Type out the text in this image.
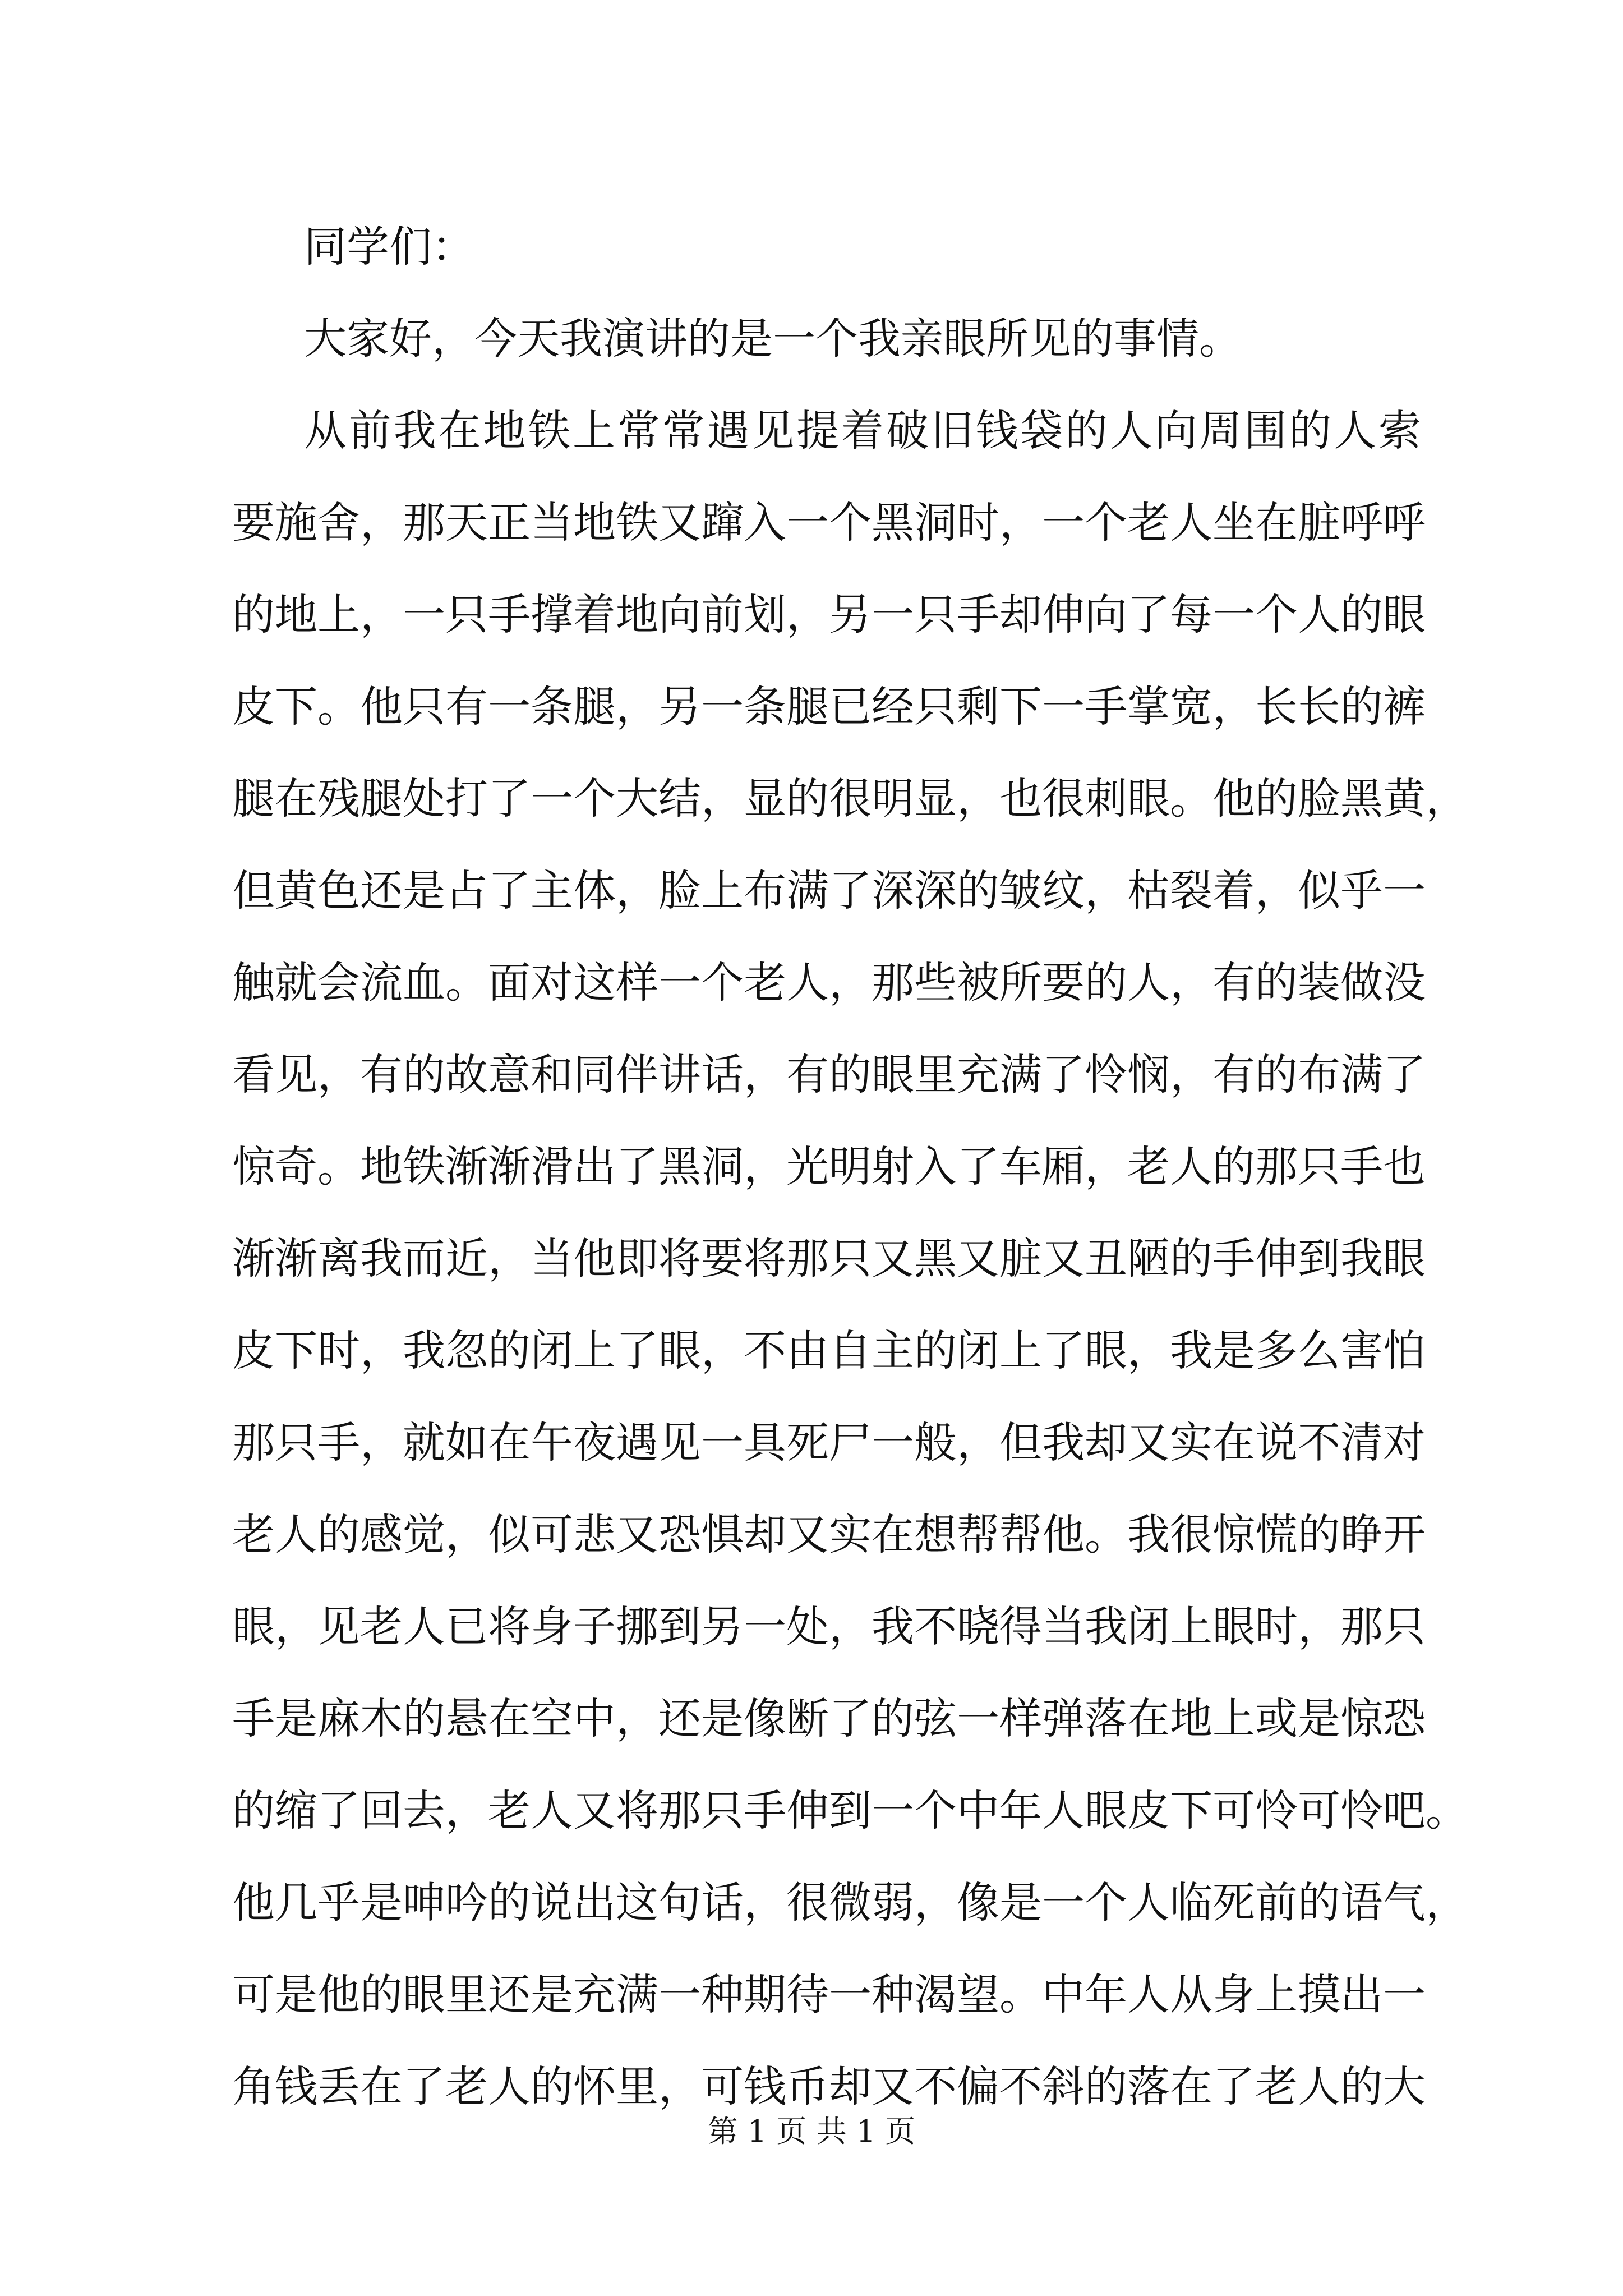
同学们：
大家好，今天我演讲的是一个我亲眼所见的事情。
从前我在地铁上常常遇见提着破旧钱袋的人向周围的人索
要施舍，那天正当地铁又蹿入一个黑洞时，一个老人坐在脏呼呼
的地上，一只手撑着地向前划，另一只手却伸向了每一个人的眼
皮下。他只有一条腿，另一条腿已经只剩下一手掌宽，长长的裤
腿在残腿处打了一个大结，显的很明显，也很刺眼。他的脸黑黄，
但黄色还是占了主体，脸上布满了深深的皱纹，枯裂着，似乎一
触就会流血。面对这样一个老人，那些被所要的人，有的装做没
看见，有的故意和同伴讲话，有的眼里充满了怜悯，有的布满了
惊奇。地铁渐渐滑出了黑洞，光明射入了车厢，老人的那只手也
渐渐离我而近，当他即将要将那只又黑又脏又丑陋的手伸到我眼
皮下时，我忽的闭上了眼，不由自主的闭上了眼，我是多么害怕
那只手，就如在午夜遇见一具死尸一般，但我却又实在说不清对
老人的感觉，似可悲又恐惧却又实在想帮帮他。我很惊慌的睁开
眼，见老人已将身子挪到另一处，我不晓得当我闭上眼时，那只
手是麻木的悬在空中，还是像断了的弦一样弹落在地上或是惊恐
的缩了回去，老人又将那只手伸到一个中年人眼皮下可怜可怜吧。
他几乎是呻吟的说出这句话，很微弱，像是一个人临死前的语气，
可是他的眼里还是充满一种期待一种渴望。中年人从身上摸出一
角钱丢在了老人的怀里，可钱币却又不偏不斜的落在了老人的大
第 1 页 共 1 页
